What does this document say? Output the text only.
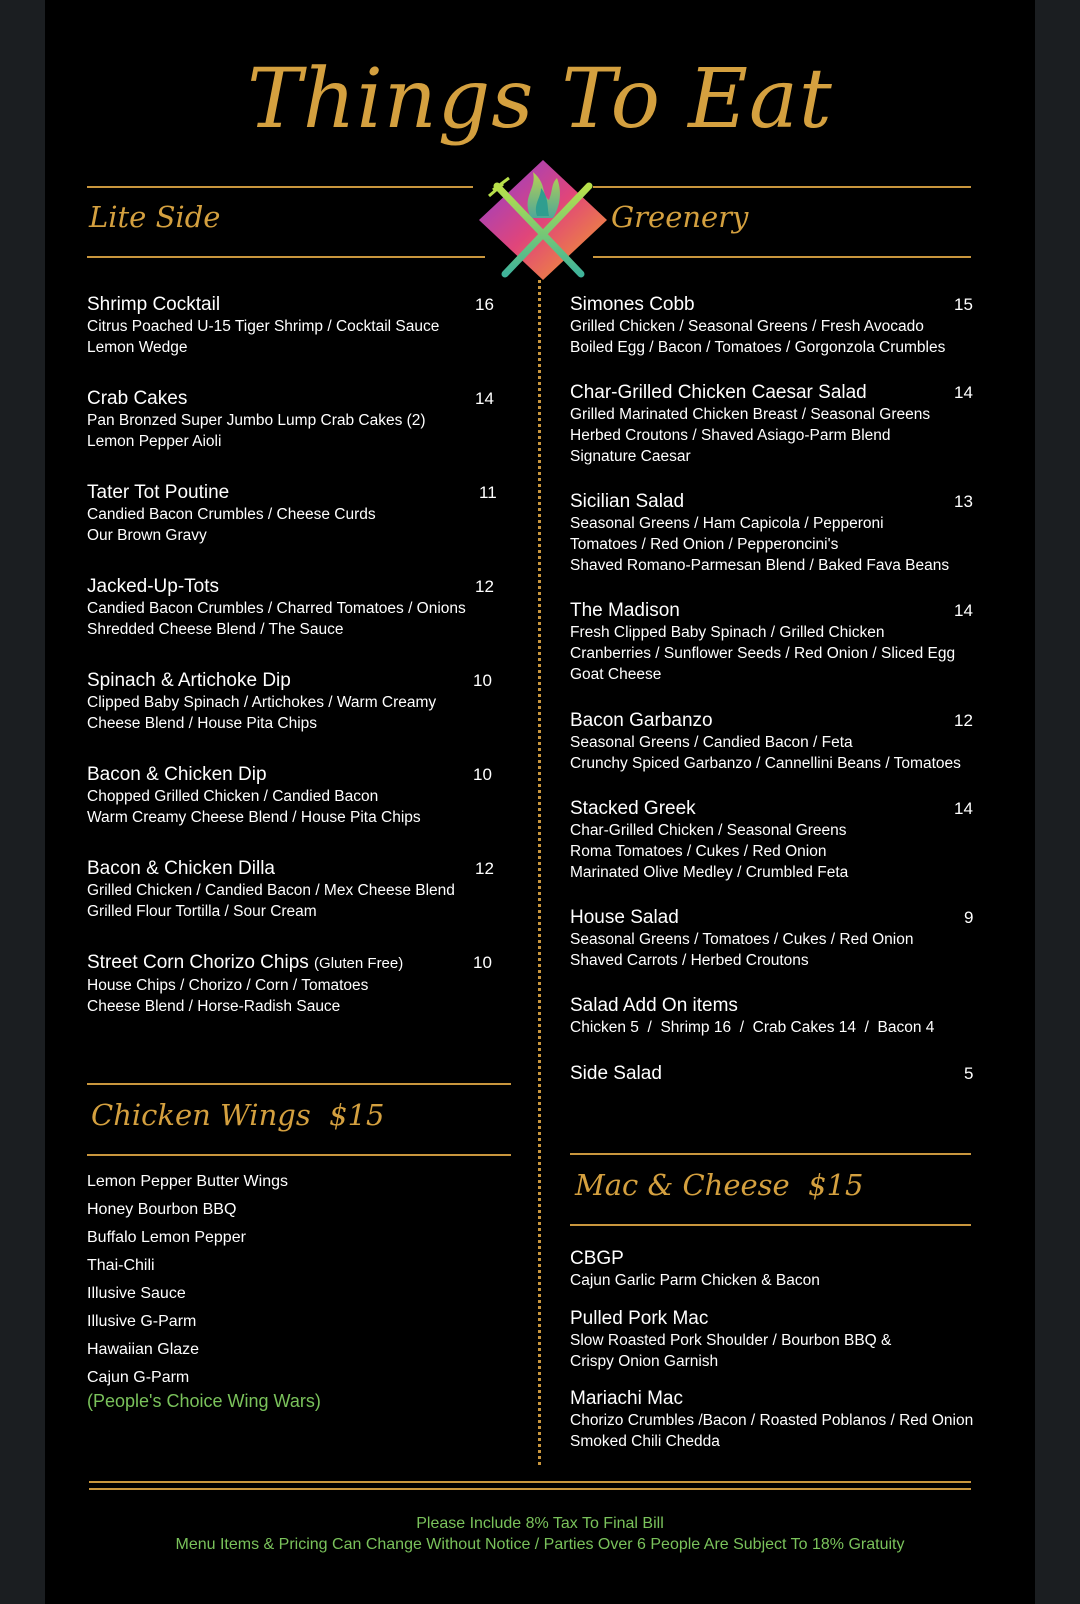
Things To Eat
Lite Side	Greenery
Shrimp Cocktail
Citrus Poached U-15 Tiger Shrimp / Cocktail Sauce
Lemon Wedge
16
Crab Cakes
Pan Bronzed Super Jumbo Lump Crab Cakes (2)
Lemon Pepper Aioli
14
Tater Tot Poutine
Candied Bacon Crumbles / Cheese Curds
Our Brown Gravy
11
Jacked-Up-Tots
Candied Bacon Crumbles / Charred Tomatoes / Onions
Shredded Cheese Blend / The Sauce
12
Spinach & Artichoke Dip
Clipped Baby Spinach / Artichokes / Warm Creamy
Cheese Blend / House Pita Chips
10
Bacon & Chicken Dip
Chopped Grilled Chicken / Candied Bacon
Warm Creamy Cheese Blend / House Pita Chips
10
Bacon & Chicken Dilla
Grilled Chicken / Candied Bacon / Mex Cheese Blend
Grilled Flour Tortilla / Sour Cream
12
Street Corn Chorizo Chips (Gluten Free)
House Chips / Chorizo / Corn / Tomatoes
Cheese Blend / Horse-Radish Sauce
10
Simones Cobb
Grilled Chicken / Seasonal Greens / Fresh Avocado
Boiled Egg / Bacon / Tomatoes / Gorgonzola Crumbles
15
Char-Grilled Chicken Caesar Salad
Grilled Marinated Chicken Breast / Seasonal Greens
Herbed Croutons / Shaved Asiago-Parm Blend
Signature Caesar
14
Sicilian Salad
Seasonal Greens / Ham Capicola / Pepperoni
Tomatoes / Red Onion / Pepperoncini's
Shaved Romano-Parmesan Blend / Baked Fava Beans
13
The Madison
Fresh Clipped Baby Spinach / Grilled Chicken
Cranberries / Sunflower Seeds / Red Onion / Sliced Egg
Goat Cheese
14
Bacon Garbanzo
Seasonal Greens / Candied Bacon / Feta
Crunchy Spiced Garbanzo / Cannellini Beans / Tomatoes
12
Stacked Greek
Char-Grilled Chicken / Seasonal Greens
Roma Tomatoes / Cukes / Red Onion
Marinated Olive Medley / Crumbled Feta
14
House Salad
Seasonal Greens / Tomatoes / Cukes / Red Onion
Shaved Carrots / Herbed Croutons
9
Salad Add On items
Chicken 5  /  Shrimp 16  /  Crab Cakes 14  /  Bacon 4
Side Salad	5
Chicken Wings  $15
Lemon Pepper Butter Wings
Honey Bourbon BBQ
Buffalo Lemon Pepper
Thai-Chili
Illusive Sauce
Illusive G-Parm
Hawaiian Glaze
Cajun G-Parm
(People's Choice Wing Wars)
Mac & Cheese  $15
CBGP
Cajun Garlic Parm Chicken & Bacon
Pulled Pork Mac
Slow Roasted Pork Shoulder / Bourbon BBQ &
Crispy Onion Garnish
Mariachi Mac
Chorizo Crumbles /Bacon / Roasted Poblanos / Red Onion
Smoked Chili Chedda
Please Include 8% Tax To Final Bill
Menu Items & Pricing Can Change Without Notice / Parties Over 6 People Are Subject To 18% Gratuity
